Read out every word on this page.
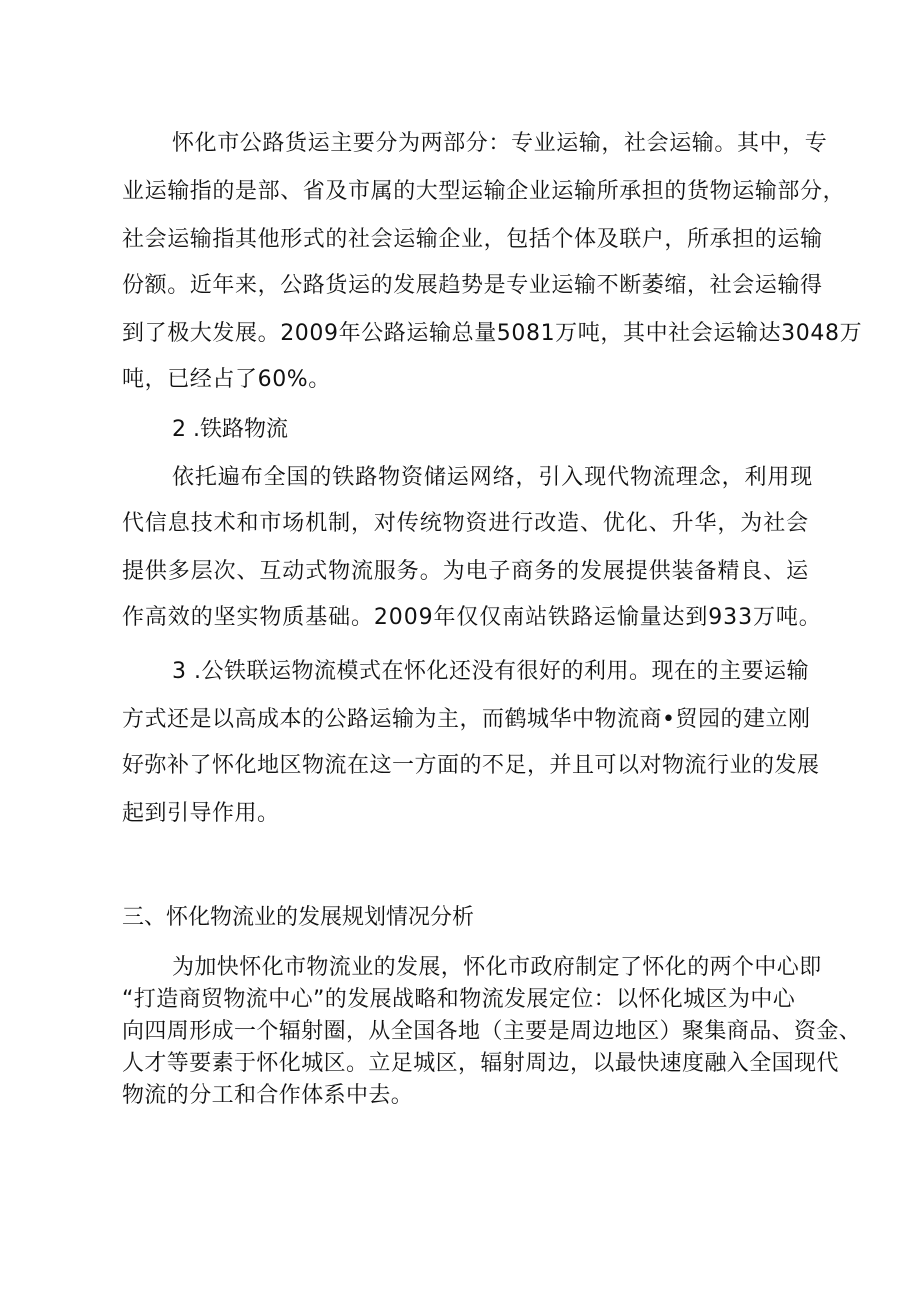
怀化市公路货运主要分为两部分：专业运输，社会运输。其中，专
业运输指的是部、省及市属的大型运输企业运输所承担的货物运输部分，
社会运输指其他形式的社会运输企业，包括个体及联户，所承担的运输
份额。近年来，公路货运的发展趋势是专业运输不断萎缩，社会运输得
到了极大发展。2009年公路运输总量5081万吨，其中社会运输达3048万
吨，已经占了60%。
2 .铁路物流
依托遍布全国的铁路物资储运网络，引入现代物流理念，利用现
代信息技术和市场机制，对传统物资进行改造、优化、升华，为社会
提供多层次、互动式物流服务。为电子商务的发展提供装备精良、运
作高效的坚实物质基础。2009年仅仅南站铁路运愉量达到933万吨。
3 .公铁联运物流模式在怀化还没有很好的利用。现在的主要运输
方式还是以高成本的公路运输为主，而鹤城华中物流商•贸园的建立刚
好弥补了怀化地区物流在这一方面的不足，并且可以对物流行业的发展
起到引导作用。
三、怀化物流业的发展规划情况分析
为加快怀化市物流业的发展，怀化市政府制定了怀化的两个中心即
“打造商贸物流中心”的发展战略和物流发展定位：以怀化城区为中心
向四周形成一个辐射圈，从全国各地（主要是周边地区）聚集商品、资金、
人才等要素于怀化城区。立足城区，辐射周边，以最快速度融入全国现代
物流的分工和合作体系中去。
